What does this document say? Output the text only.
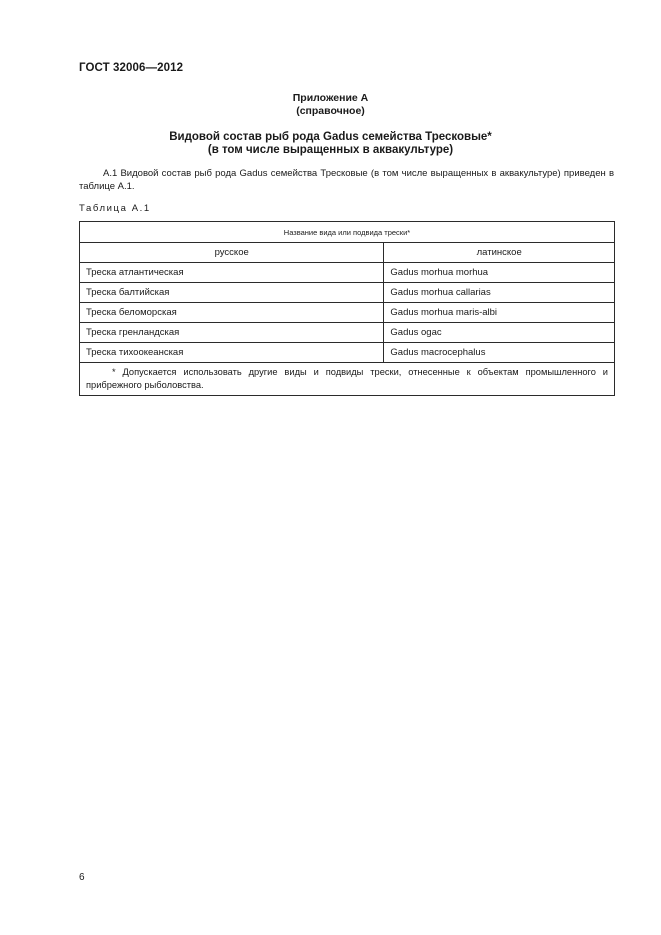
ГОСТ 32006—2012
Приложение А
(справочное)
Видовой состав рыб рода Gadus семейства Тресковые*
(в том числе выращенных в аквакультуре)
А.1 Видовой состав рыб рода Gadus семейства Тресковые (в том числе выращенных в аквакультуре) приведен в таблице А.1.
Таблица А.1
Название вида или подвида трески*	
русское	латинское
Треска атлантическая	Gadus morhua morhua
Треска балтийская	Gadus morhua callarias
Треска беломорская	Gadus morhua maris-albi
Треска гренландская	Gadus ogac
Треска тихоокеанская	Gadus macrocephalus
* Допускается использовать другие виды и подвиды трески, отнесенные к объектам промышленного и прибрежного рыболовства.	
6
